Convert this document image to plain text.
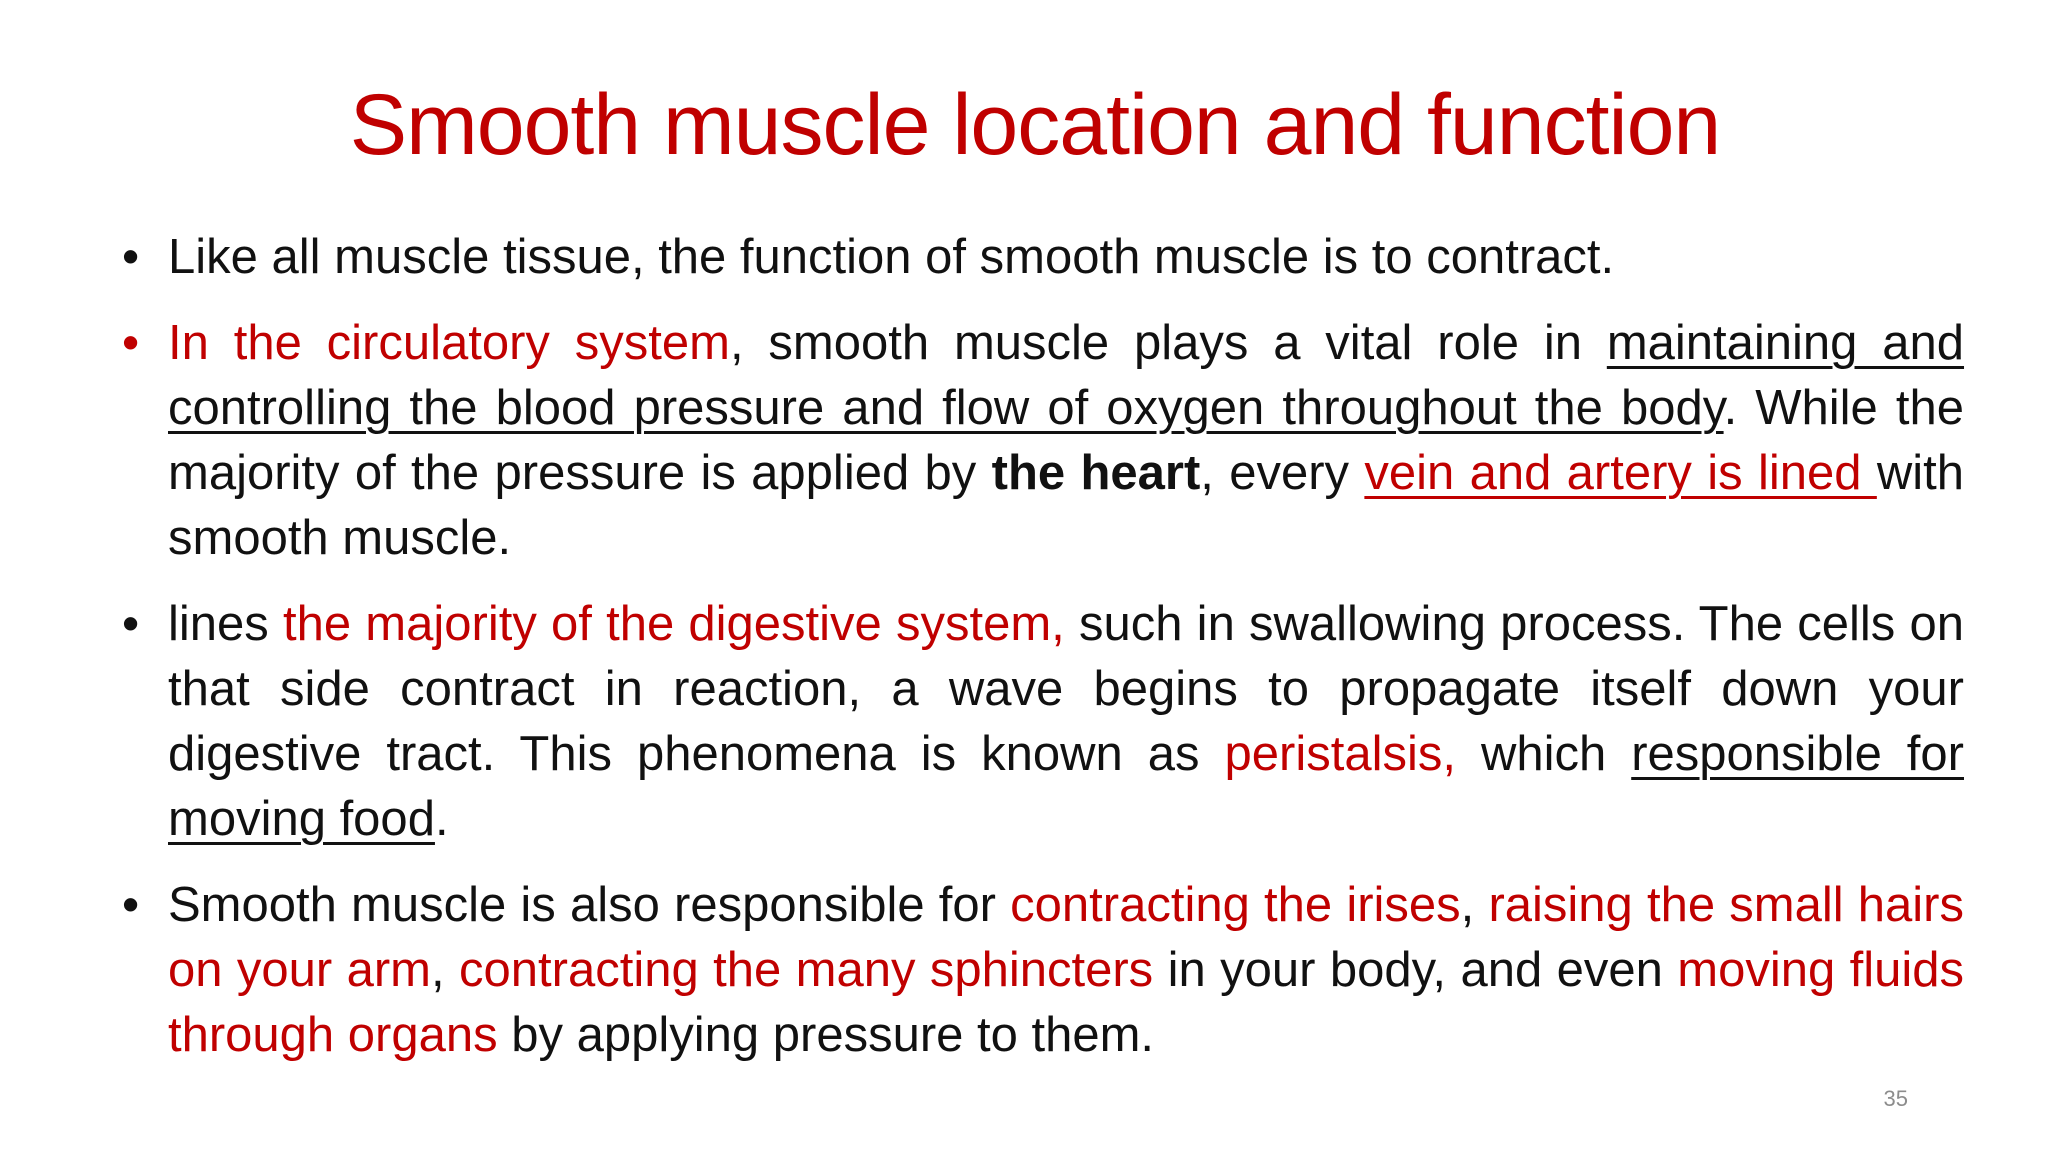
Smooth muscle location and function
• Like all muscle tissue, the function of smooth muscle is to contract.
• In the circulatory system, smooth muscle plays a vital role in maintaining and controlling the blood pressure and flow of oxygen throughout the body. While the majority of the pressure is applied by the heart, every vein and artery is lined with smooth muscle.
• lines the majority of the digestive system, such in swallowing process. The cells on that side contract in reaction, a wave begins to propagate itself down your digestive tract. This phenomena is known as peristalsis, which responsible for moving food.
• Smooth muscle is also responsible for contracting the irises, raising the small hairs on your arm, contracting the many sphincters in your body, and even moving fluids through organs by applying pressure to them.
35
